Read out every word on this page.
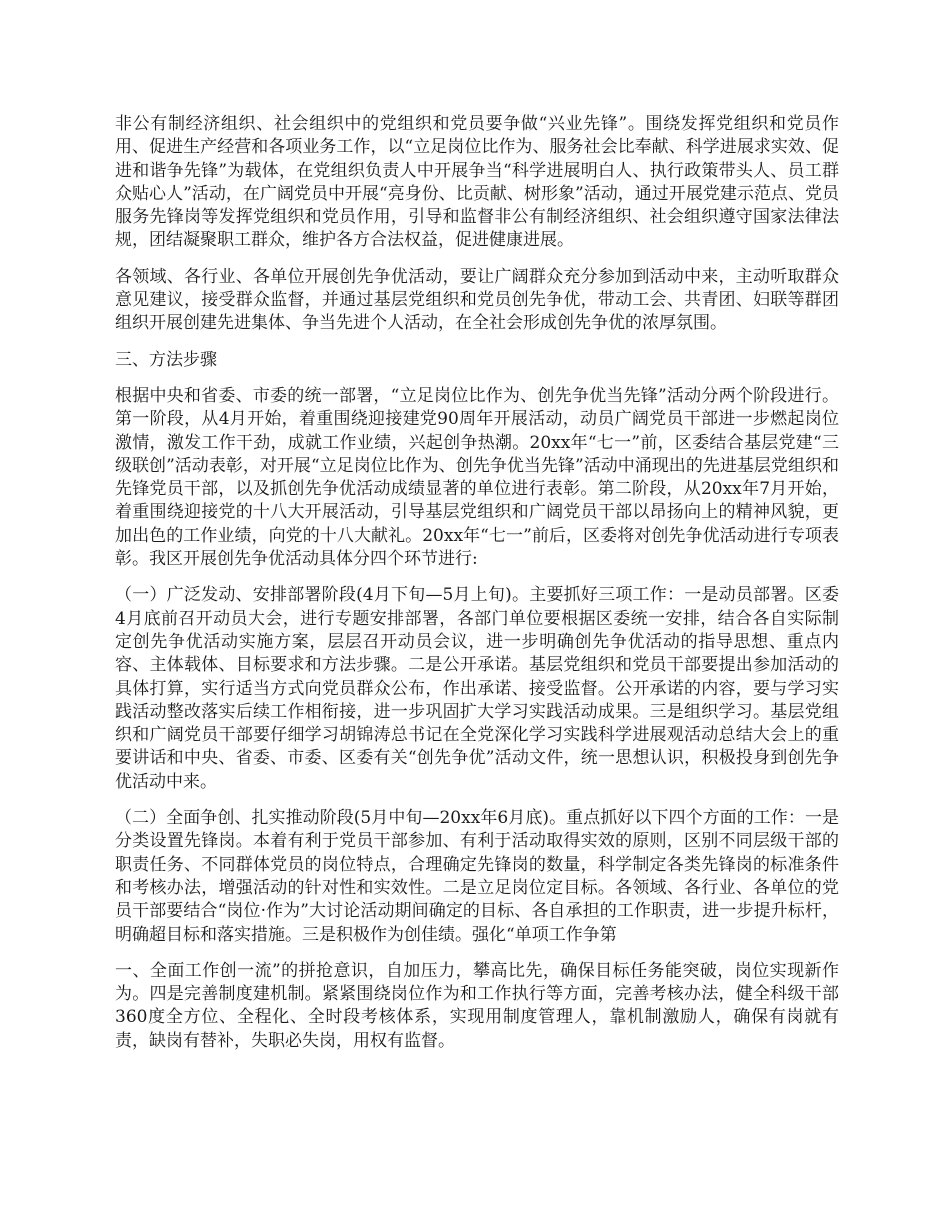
非公有制经济组织、社会组织中的党组织和党员要争做“兴业先锋”。围绕发挥党组织和党员作用、促进生产经营和各项业务工作，以“立足岗位比作为、服务社会比奉献、科学进展求实效、促进和谐争先锋”为载体，在党组织负责人中开展争当“科学进展明白人、执行政策带头人、员工群众贴心人”活动，在广阔党员中开展“亮身份、比贡献、树形象”活动，通过开展党建示范点、党员服务先锋岗等发挥党组织和党员作用，引导和监督非公有制经济组织、社会组织遵守国家法律法规，团结凝聚职工群众，维护各方合法权益，促进健康进展。

各领域、各行业、各单位开展创先争优活动，要让广阔群众充分参加到活动中来，主动听取群众意见建议，接受群众监督，并通过基层党组织和党员创先争优，带动工会、共青团、妇联等群团组织开展创建先进集体、争当先进个人活动，在全社会形成创先争优的浓厚氛围。

三、方法步骤

根据中央和省委、市委的统一部署，“立足岗位比作为、创先争优当先锋”活动分两个阶段进行。第一阶段，从4月开始，着重围绕迎接建党90周年开展活动，动员广阔党员干部进一步燃起岗位激情，激发工作干劲，成就工作业绩，兴起创争热潮。20xx年“七一”前，区委结合基层党建“三级联创”活动表彰，对开展“立足岗位比作为、创先争优当先锋”活动中涌现出的先进基层党组织和先锋党员干部，以及抓创先争优活动成绩显著的单位进行表彰。第二阶段，从20xx年7月开始，着重围绕迎接党的十八大开展活动，引导基层党组织和广阔党员干部以昂扬向上的精神风貌，更加出色的工作业绩，向党的十八大献礼。20xx年“七一”前后，区委将对创先争优活动进行专项表彰。我区开展创先争优活动具体分四个环节进行:

（一）广泛发动、安排部署阶段(4月下旬—5月上旬)。主要抓好三项工作：一是动员部署。区委4月底前召开动员大会，进行专题安排部署，各部门单位要根据区委统一安排，结合各自实际制定创先争优活动实施方案，层层召开动员会议，进一步明确创先争优活动的指导思想、重点内容、主体载体、目标要求和方法步骤。二是公开承诺。基层党组织和党员干部要提出参加活动的具体打算，实行适当方式向党员群众公布，作出承诺、接受监督。公开承诺的内容，要与学习实践活动整改落实后续工作相衔接，进一步巩固扩大学习实践活动成果。三是组织学习。基层党组织和广阔党员干部要仔细学习胡锦涛总书记在全党深化学习实践科学进展观活动总结大会上的重要讲话和中央、省委、市委、区委有关“创先争优”活动文件，统一思想认识，积极投身到创先争优活动中来。

（二）全面争创、扎实推动阶段(5月中旬—20xx年6月底)。重点抓好以下四个方面的工作：一是分类设置先锋岗。本着有利于党员干部参加、有利于活动取得实效的原则，区别不同层级干部的职责任务、不同群体党员的岗位特点，合理确定先锋岗的数量，科学制定各类先锋岗的标准条件和考核办法，增强活动的针对性和实效性。二是立足岗位定目标。各领域、各行业、各单位的党员干部要结合“岗位·作为”大讨论活动期间确定的目标、各自承担的工作职责，进一步提升标杆，明确超目标和落实措施。三是积极作为创佳绩。强化“单项工作争第

一、全面工作创一流”的拼抢意识，自加压力，攀高比先，确保目标任务能突破，岗位实现新作为。四是完善制度建机制。紧紧围绕岗位作为和工作执行等方面，完善考核办法，健全科级干部360度全方位、全程化、全时段考核体系，实现用制度管理人，靠机制激励人，确保有岗就有责，缺岗有替补，失职必失岗，用权有监督。
